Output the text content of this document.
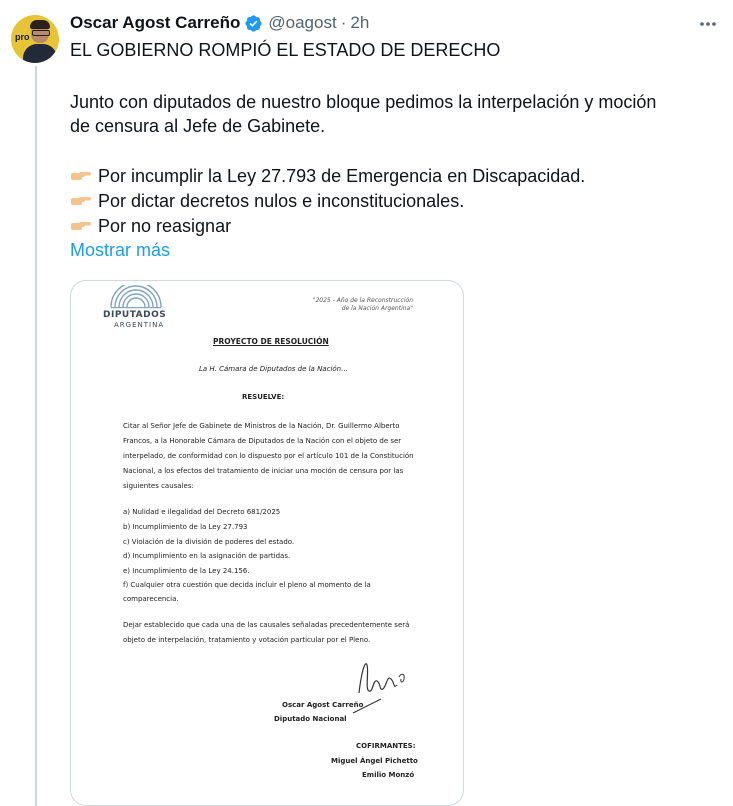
pro
Oscar Agost Carreño @oagost · 2h
EL GOBIERNO ROMPIÓ EL ESTADO DE DERECHO
Junto con diputados de nuestro bloque pedimos la interpelación y moción
de censura al Jefe de Gabinete.
Por incumplir la Ley 27.793 de Emergencia en Discapacidad.
Por dictar decretos nulos e inconstitucionales.
Por no reasignar
Mostrar más
DIPUTADOS
ARGENTINA
"2025 - Año de la Reconstrucción
de la Nación Argentina"
PROYECTO DE RESOLUCIÓN
La H. Cámara de Diputados de la Nación…
RESUELVE:
Citar al Señor Jefe de Gabinete de Ministros de la Nación, Dr. Guillermo Alberto
Francos, a la Honorable Cámara de Diputados de la Nación con el objeto de ser
interpelado, de conformidad con lo dispuesto por el artículo 101 de la Constitución
Nacional, a los efectos del tratamiento de iniciar una moción de censura por las
siguientes causales:
a) Nulidad e ilegalidad del Decreto 681/2025
b) Incumplimiento de la Ley 27.793
c) Violación de la división de poderes del estado.
d) Incumplimiento en la asignación de partidas.
e) Incumplimiento de la Ley 24.156.
f) Cualquier otra cuestión que decida incluir el pleno al momento de la
comparecencia.
Dejar establecido que cada una de las causales señaladas precedentemente será
objeto de interpelación, tratamiento y votación particular por el Pleno.
Oscar Agost Carreño
Diputado Nacional
COFIRMANTES:
Miguel Ángel Pichetto
Emilio Monzó
